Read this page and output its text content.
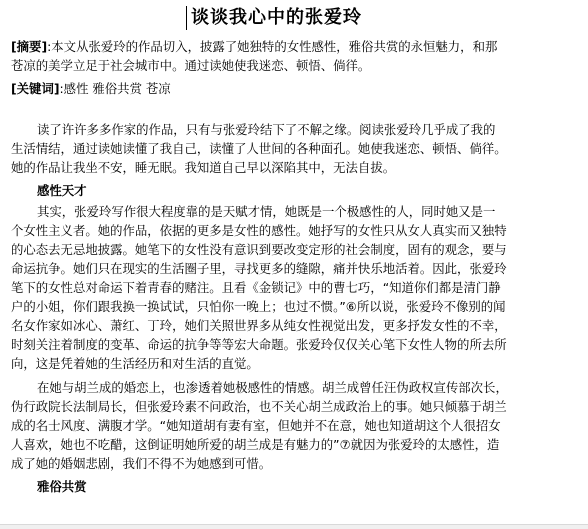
谈谈我心中的张爱玲
[摘要]:本文从张爱玲的作品切入，披露了她独特的女性感性，雅俗共赏的永恒魅力，和那
苍凉的美学立足于社会城市中。通过读她使我迷恋、顿悟、倘徉。
[关键词]:感性 雅俗共赏 苍凉
读了许许多多作家的作品，只有与张爱玲结下了不解之缘。阅读张爱玲几乎成了我的
生活情结，通过读她读懂了我自己，读懂了人世间的各种面孔。她使我迷恋、顿悟、倘徉。
她的作品让我坐不安，睡无眠。我知道自己早以深陷其中，无法自拔。
感性天才
其实，张爱玲写作很大程度靠的是天赋才情，她既是一个极感性的人，同时她又是一
个女性主义者。她的作品，依据的更多是女性的感性。她抒写的女性只从女人真实而又独特
的心态去无忌地披露。她笔下的女性没有意识到要改变定形的社会制度，固有的观念，要与
命运抗争。她们只在现实的生活圈子里，寻找更多的缝隙，痛并快乐地活着。因此，张爱玲
笔下的女性总对命运下着青春的赌注。且看《金锁记》中的曹七巧，“知道你们都是清门静
户的小姐，你们跟我换一换试试，只怕你一晚上；也过不惯。”⑥所以说，张爱玲不像别的闻
名女作家如冰心、萧红、丁玲，她们关照世界多从纯女性视觉出发，更多抒发女性的不幸，
时刻关注着制度的变革、命运的抗争等等宏大命题。张爱玲仅仅关心笔下女性人物的所去所
向，这是凭着她的生活经历和对生活的直觉。
在她与胡兰成的婚恋上，也渗透着她极感性的情感。胡兰成曾任汪伪政权宣传部次长，
伪行政院长法制局长，但张爱玲素不问政治，也不关心胡兰成政治上的事。她只倾慕于胡兰
成的名士风度、满腹才学。“她知道胡有妻有室，但她并不在意，她也知道胡这个人很招女
人喜欢，她也不吃醋，这倒证明她所爱的胡兰成是有魅力的”⑦就因为张爱玲的太感性，造
成了她的婚姻悲剧，我们不得不为她感到可惜。
雅俗共赏
